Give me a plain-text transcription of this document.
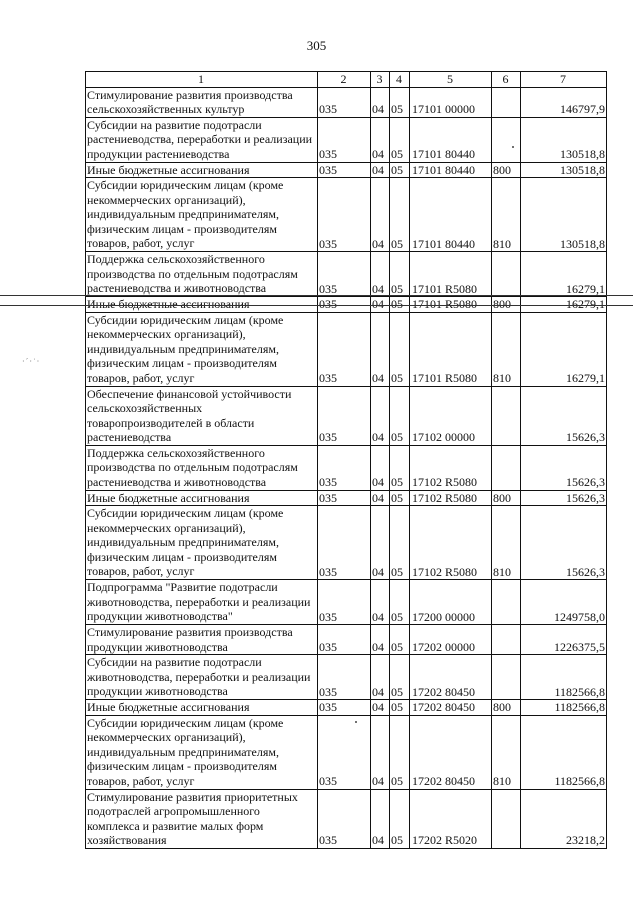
305
1	2	3	4	5	6	7
Стимулирование развития производства сельскохозяйственных культур	035	04	05	17101 00000		146797,9
Субсидии на развитие подотрасли растениеводства, переработки и реализации продукции растениеводства	035	04	05	17101 80440		130518,8
Иные бюджетные ассигнования	035	04	05	17101 80440	800	130518,8
Субсидии юридическим лицам (кроме некоммерческих организаций), индивидуальным предпринимателям, физическим лицам - производителям товаров, работ, услуг	035	04	05	17101 80440	810	130518,8
Поддержка сельскохозяйственного производства по отдельным подотраслям растениеводства и животноводства	035	04	05	17101 R5080		16279,1
Иные бюджетные ассигнования	035	04	05	17101 R5080	800	16279,1
Субсидии юридическим лицам (кроме некоммерческих организаций), индивидуальным предпринимателям, физическим лицам - производителям товаров, работ, услуг	035	04	05	17101 R5080	810	16279,1
Обеспечение финансовой устойчивости сельскохозяйственных товаропроизводителей в области растениеводства	035	04	05	17102 00000		15626,3
Поддержка сельскохозяйственного производства по отдельным подотраслям растениеводства и животноводства	035	04	05	17102 R5080		15626,3
Иные бюджетные ассигнования	035	04	05	17102 R5080	800	15626,3
Субсидии юридическим лицам (кроме некоммерческих организаций), индивидуальным предпринимателям, физическим лицам - производителям товаров, работ, услуг	035	04	05	17102 R5080	810	15626,3
Подпрограмма "Развитие подотрасли животноводства, переработки и реализации продукции животноводства"	035	04	05	17200 00000		1249758,0
Стимулирование развития производства продукции животноводства	035	04	05	17202 00000		1226375,5
Субсидии на развитие подотрасли животноводства, переработки и реализации продукции животноводства	035	04	05	17202 80450		1182566,8
Иные бюджетные ассигнования	035	04	05	17202 80450	800	1182566,8
Субсидии юридическим лицам (кроме некоммерческих организаций), индивидуальным предпринимателям, физическим лицам - производителям товаров, работ, услуг	035	04	05	17202 80450	810	1182566,8
Стимулирование развития приоритетных подотраслей агропромышленного комплекса и развитие малых форм хозяйствования	035	04	05	17202 R5020		23218,2
·´·˙·
